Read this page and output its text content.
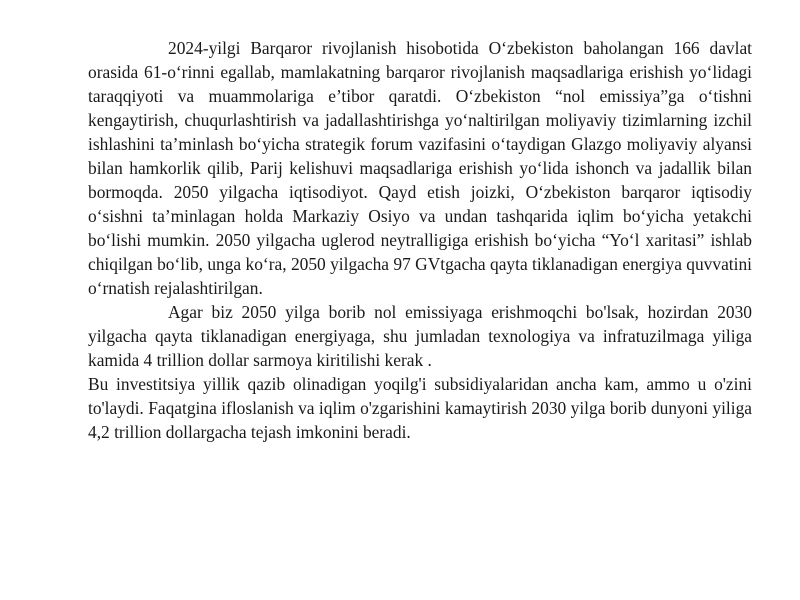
2024-yilgi Barqaror rivojlanish hisobotida O‘zbekiston baholangan 166 davlat orasida 61-o‘rinni egallab, mamlakatning barqaror rivojlanish maqsadlariga erishish yo‘lidagi taraqqiyoti va muammolariga e’tibor qaratdi. O‘zbekiston “nol emissiya”ga o‘tishni kengaytirish, chuqurlashtirish va jadallashtirishga yo‘naltirilgan moliyaviy tizimlarning izchil ishlashini ta’minlash bo‘yicha strategik forum vazifasini o‘taydigan Glazgo moliyaviy alyansi bilan hamkorlik qilib, Parij kelishuvi maqsadlariga erishish yo‘lida ishonch va jadallik bilan bormoqda. 2050 yilgacha iqtisodiyot. Qayd etish joizki, O‘zbekiston barqaror iqtisodiy o‘sishni ta’minlagan holda Markaziy Osiyo va undan tashqarida iqlim bo‘yicha yetakchi bo‘lishi mumkin. 2050 yilgacha uglerod neytralligiga erishish bo‘yicha “Yo‘l xaritasi” ishlab chiqilgan bo‘lib, unga ko‘ra, 2050 yilgacha 97 GVtgacha qayta tiklanadigan energiya quvvatini o‘rnatish rejalashtirilgan.

Agar biz 2050 yilga borib nol emissiyaga erishmoqchi bo'lsak, hozirdan 2030 yilgacha qayta tiklanadigan energiyaga, shu jumladan texnologiya va infratuzilmaga yiliga kamida 4 trillion dollar sarmoya kiritilishi kerak .

Bu investitsiya yillik qazib olinadigan yoqilg'i subsidiyalaridan ancha kam, ammo u o'zini to'laydi. Faqatgina ifloslanish va iqlim o'zgarishini kamaytirish 2030 yilga borib dunyoni yiliga 4,2 trillion dollargacha tejash imkonini beradi.
